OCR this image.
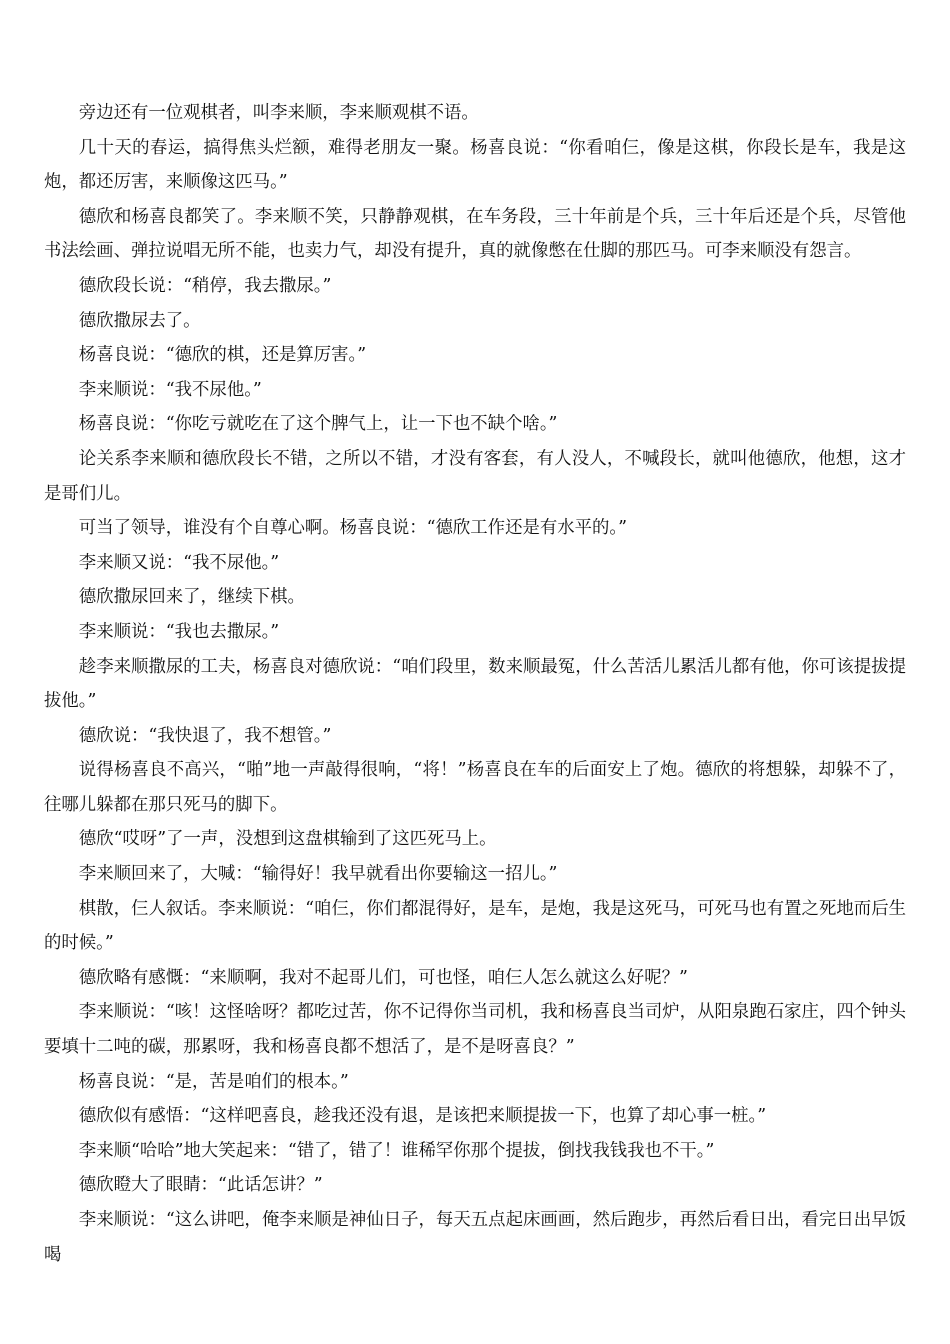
旁边还有一位观棋者，叫李来顺，李来顺观棋不语。

几十天的春运，搞得焦头烂额，难得老朋友一聚。杨喜良说：“你看咱仨，像是这棋，你段长是车，我是这炮，都还厉害，来顺像这匹马。”

德欣和杨喜良都笑了。李来顺不笑，只静静观棋，在车务段，三十年前是个兵，三十年后还是个兵，尽管他书法绘画、弹拉说唱无所不能，也卖力气，却没有提升，真的就像憋在仕脚的那匹马。可李来顺没有怨言。

德欣段长说：“稍停，我去撒尿。”

德欣撒尿去了。

杨喜良说：“德欣的棋，还是算厉害。”

李来顺说：“我不尿他。”

杨喜良说：“你吃亏就吃在了这个脾气上，让一下也不缺个啥。”

论关系李来顺和德欣段长不错，之所以不错，才没有客套，有人没人，不喊段长，就叫他德欣，他想，这才是哥们儿。

可当了领导，谁没有个自尊心啊。杨喜良说：“德欣工作还是有水平的。”

李来顺又说：“我不尿他。”

德欣撒尿回来了，继续下棋。

李来顺说：“我也去撒尿。”

趁李来顺撒尿的工夫，杨喜良对德欣说：“咱们段里，数来顺最冤，什么苦活儿累活儿都有他，你可该提拔提拔他。”

德欣说：“我快退了，我不想管。”

说得杨喜良不高兴，“啪”地一声敲得很响，“将！”杨喜良在车的后面安上了炮。德欣的将想躲，却躲不了，往哪儿躲都在那只死马的脚下。

德欣“哎呀”了一声，没想到这盘棋输到了这匹死马上。

李来顺回来了，大喊：“输得好！我早就看出你要输这一招儿。”

棋散，仨人叙话。李来顺说：“咱仨，你们都混得好，是车，是炮，我是这死马，可死马也有置之死地而后生的时候。”

德欣略有感慨：“来顺啊，我对不起哥儿们，可也怪，咱仨人怎么就这么好呢？”

李来顺说：“咳！这怪啥呀？都吃过苦，你不记得你当司机，我和杨喜良当司炉，从阳泉跑石家庄，四个钟头要填十二吨的碳，那累呀，我和杨喜良都不想活了，是不是呀喜良？”

杨喜良说：“是，苦是咱们的根本。”

德欣似有感悟：“这样吧喜良，趁我还没有退，是该把来顺提拔一下，也算了却心事一桩。”

李来顺“哈哈”地大笑起来：“错了，错了！谁稀罕你那个提拔，倒找我钱我也不干。”

德欣瞪大了眼睛：“此话怎讲？”

李来顺说：“这么讲吧，俺李来顺是神仙日子，每天五点起床画画，然后跑步，再然后看日出，看完日出早饭喝
